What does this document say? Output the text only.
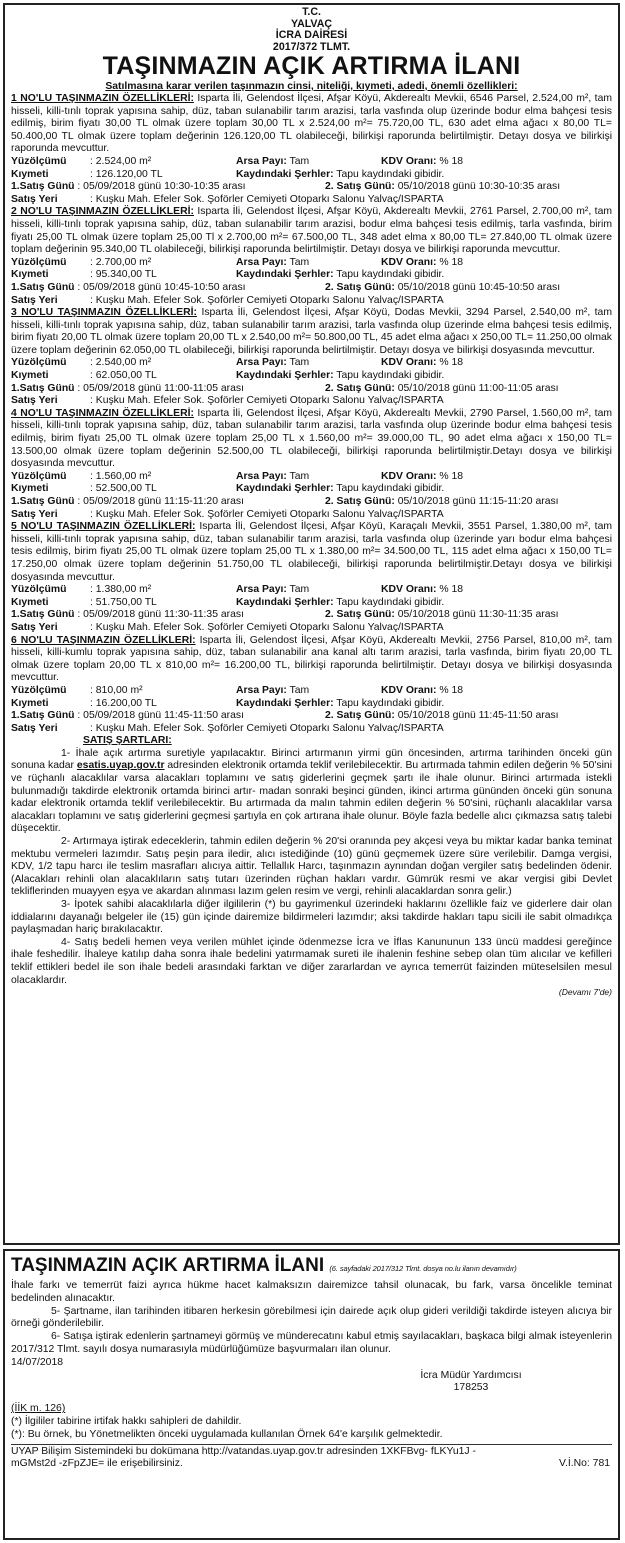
T.C.
YALVAÇ
İCRA DAİRESİ
2017/372 TLMT.
TAŞINMAZIN AÇIK ARTIRMA İLANI
Satılmasına karar verilen taşınmazın cinsi, niteliği, kıymeti, adedi, önemli özellikleri:
1 NO'LU TAŞINMAZIN ÖZELLİKLERİ: Isparta İli, Gelendost İlçesi, Afşar Köyü, Akderealtı Mevkii, 6546 Parsel, 2.524,00 m², tam hisseli, killi-tınlı toprak yapısına sahip, düz, taban sulanabilir tarım arazisi, tarla vasfında olup üzerinde bodur elma bahçesi tesis edilmiş, birim fiyatı 30,00 TL olmak üzere toplam 30,00 TL x 2.524,00 m²= 75.720,00 TL, 630 adet elma ağacı x 80,00 TL= 50.400,00 TL olmak üzere toplam değerinin 126.120,00 TL olabileceği, bilirkişi raporunda belirtilmiştir. Detayı dosya ve bilirkişi raporunda mevcuttur.
Yüzölçümü : 2.524,00 m²	Arsa Payı: Tam	KDV Oranı: % 18
Kıymeti	: 126.120,00 TL	Kaydındaki Şerhler: Tapu kaydındaki gibidir.
1.Satış Günü : 05/09/2018 günü 10:30-10:35 arası	2. Satış Günü: 05/10/2018 günü 10:30-10:35 arası
Satış Yeri	: Kuşku Mah. Efeler Sok. Şoförler Cemiyeti Otoparkı Salonu Yalvaç/ISPARTA
2 NO'LU TAŞINMAZIN ÖZELLİKLERİ: Isparta İli, Gelendost İlçesi, Afşar Köyü, Akderealtı Mevkii, 2761 Parsel, 2.700,00 m², tam hisseli, killi-tınlı toprak yapısına sahip, düz, taban sulanabilir tarım arazisi, bodur elma bahçesi tesis edilmiş, tarla vasfında, birim fiyatı 25,00 TL olmak üzere toplam 25,00 Tl x 2.700,00 m²= 67.500,00 TL, 348 adet elma x 80,00 TL= 27.840,00 TL olmak üzere toplam değerinin 95.340,00 TL olabileceği, bilirkişi raporunda belirtilmiştir. Detayı dosya ve bilirkişi raporunda mevcuttur.
Yüzölçümü : 2.700,00 m²	Arsa Payı: Tam	KDV Oranı: % 18
Kıymeti	: 95.340,00 TL	Kaydındaki Şerhler: Tapu kaydındaki gibidir.
1.Satış Günü : 05/09/2018 günü 10:45-10:50 arası	2. Satış Günü: 05/10/2018 günü 10:45-10:50 arası
Satış Yeri	: Kuşku Mah. Efeler Sok. Şoförler Cemiyeti Otoparkı Salonu Yalvaç/ISPARTA
3 NO'LU TAŞINMAZIN ÖZELLİKLERİ: Isparta İli, Gelendost İlçesi, Afşar Köyü, Dodas Mevkii, 3294 Parsel, 2.540,00 m², tam hisseli, killi-tınlı toprak yapısına sahip, düz, taban sulanabilir tarım arazisi, tarla vasfında olup üzerinde elma bahçesi tesis edilmiş, birim fiyatı 20,00 TL olmak üzere toplam 20,00 TL x 2.540,00 m²= 50.800,00 TL, 45 adet elma ağacı x 250,00 TL= 11.250,00 olmak üzere toplam değerinin 62.050,00 TL olabileceği, bilirkişi raporunda belirtilmiştir. Detayı dosya ve bilirkişi dosyasında mevcuttur.
Yüzölçümü : 2.540,00 m²	Arsa Payı: Tam	KDV Oranı: % 18
Kıymeti	: 62.050,00 TL	Kaydındaki Şerhler: Tapu kaydındaki gibidir.
1.Satış Günü : 05/09/2018 günü 11:00-11:05 arası	2. Satış Günü: 05/10/2018 günü 11:00-11:05 arası
Satış Yeri	: Kuşku Mah. Efeler Sok. Şoförler Cemiyeti Otoparkı Salonu Yalvaç/ISPARTA
4 NO'LU TAŞINMAZIN ÖZELLİKLERİ: Isparta İli, Gelendost İlçesi, Afşar Köyü, Akderealtı Mevkii, 2790 Parsel, 1.560,00 m², tam hisseli, killi-tınlı toprak yapısına sahip, düz, taban sulanabilir tarım arazisi, tarla vasfında olup üzerinde bodur elma bahçesi tesis edilmiş, birim fiyatı 25,00 TL olmak üzere toplam 25,00 TL x 1.560,00 m²= 39.000,00 TL, 90 adet elma ağacı x 150,00 TL= 13.500,00 olmak üzere toplam değerinin 52.500,00 TL olabileceği, bilirkişi raporunda belirtilmiştir.Detayı dosya ve bilirkişi dosyasında mevcuttur.
Yüzölçümü : 1.560,00 m²	Arsa Payı: Tam	KDV Oranı: % 18
Kıymeti	: 52.500,00 TL	Kaydındaki Şerhler: Tapu kaydındaki gibidir.
1.Satış Günü : 05/09/2018 günü 11:15-11:20 arası	2. Satış Günü: 05/10/2018 günü 11:15-11:20 arası
Satış Yeri	: Kuşku Mah. Efeler Sok. Şoförler Cemiyeti Otoparkı Salonu Yalvaç/ISPARTA
5 NO'LU TAŞINMAZIN ÖZELLİKLERİ: Isparta İli, Gelendost İlçesi, Afşar Köyü, Karaçalı Mevkii, 3551 Parsel, 1.380,00 m², tam hisseli, killi-tınlı toprak yapısına sahip, düz, taban sulanabilir tarım arazisi, tarla vasfında olup üzerinde yarı bodur elma bahçesi tesis edilmiş, birim fiyatı 25,00 TL olmak üzere toplam 25,00 TL x 1.380,00 m²= 34.500,00 TL, 115 adet elma ağacı x 150,00 TL= 17.250,00 olmak üzere toplam değerinin 51.750,00 TL olabileceği, bilirkişi raporunda belirtilmiştir.Detayı dosya ve bilirkişi dosyasında mevcuttur.
Yüzölçümü : 1.380,00 m²	Arsa Payı: Tam	KDV Oranı: % 18
Kıymeti	: 51.750,00 TL	Kaydındaki Şerhler: Tapu kaydındaki gibidir.
1.Satış Günü : 05/09/2018 günü 11:30-11:35 arası	2. Satış Günü: 05/10/2018 günü 11:30-11:35 arası
Satış Yeri	: Kuşku Mah. Efeler Sok. Şoförler Cemiyeti Otoparkı Salonu Yalvaç/ISPARTA
6 NO'LU TAŞINMAZIN ÖZELLİKLERİ: Isparta İli, Gelendost İlçesi, Afşar Köyü, Akderealtı Mevkii, 2756 Parsel, 810,00 m², tam hisseli, killi-kumlu toprak yapısına sahip, düz, taban sulanabilir ana kanal altı tarım arazisi, tarla vasfında, birim fiyatı 20,00 TL olmak üzere toplam 20,00 TL x 810,00 m²= 16.200,00 TL, bilirkişi raporunda belirtilmiştir. Detayı dosya ve bilirkişi dosyasında mevcuttur.
Yüzölçümü : 810,00 m²	Arsa Payı: Tam	KDV Oranı: % 18
Kıymeti	: 16.200,00 TL	Kaydındaki Şerhler: Tapu kaydındaki gibidir.
1.Satış Günü : 05/09/2018 günü 11:45-11:50 arası	2. Satış Günü: 05/10/2018 günü 11:45-11:50 arası
Satış Yeri	: Kuşku Mah. Efeler Sok. Şoförler Cemiyeti Otoparkı Salonu Yalvaç/ISPARTA
SATIŞ ŞARTLARI:
1- İhale açık artırma suretiyle yapılacaktır. Birinci artırmanın yirmi gün öncesinden, artırma tarihinden önceki gün sonuna kadar esatis.uyap.gov.tr adresinden elektronik ortamda teklif verilebilecektir. Bu artırmada tahmin edilen değerin % 50'sini ve rüçhanlı alacaklılar varsa alacakları toplamını ve satış giderlerini geçmek şartı ile ihale olunur. Birinci artırmada istekli bulunmadığı takdirde elektronik ortamda birinci artır- madan sonraki beşinci günden, ikinci artırma gününden önceki gün sonuna kadar elektronik ortamda teklif verilebilecektir. Bu artırmada da malın tahmin edilen değerin % 50'sini, rüçhanlı alacaklılar varsa alacakları toplamını ve satış giderlerini geçmesi şartıyla en çok artırana ihale olunur. Böyle fazla bedelle alıcı çıkmazsa satış talebi düşecektir.
2- Artırmaya iştirak edeceklerin, tahmin edilen değerin % 20'si oranında pey akçesi veya bu miktar kadar banka teminat mektubu vermeleri lazımdır. Satış peşin para iledir, alıcı istediğinde (10) günü geçmemek üzere süre verilebilir. Damga vergisi, KDV, 1/2 tapu harcı ile teslim masrafları alıcıya aittir. Tellallık Harcı, taşınmazın aynından doğan vergiler satış bedelinden ödenir. (Alacakları rehinli olan alacaklıların satış tutarı üzerinden rüçhan hakları vardır. Gümrük resmi ve akar vergisi gibi Devlet tekliflerinden muayyen eşya ve akardan alınması lazım gelen resim ve vergi, rehinli alacaklardan sonra gelir.)
3- İpotek sahibi alacaklılarla diğer ilgililerin (*) bu gayrimenkul üzerindeki haklarını özellikle faiz ve giderlere dair olan iddialarını dayanağı belgeler ile (15) gün içinde dairemize bildirmeleri lazımdır; aksi takdirde hakları tapu sicili ile sabit olmadıkça paylaşmadan hariç bırakılacaktır.
4- Satış bedeli hemen veya verilen mühlet içinde ödenmezse İcra ve İflas Kanununun 133 üncü maddesi gereğince ihale feshedilir. İhaleye katılıp daha sonra ihale bedelini yatırmamak sureti ile ihalenin feshine sebep olan tüm alıcılar ve kefilleri teklif ettikleri bedel ile son ihale bedeli arasındaki farktan ve diğer zararlardan ve ayrıca temerrüt faizinden müteselsilen mesul olacaklardır.
(Devamı 7'de)
TAŞINMAZIN AÇIK ARTIRMA İLANI (6. sayfadaki 2017/312 Tlmt. dosya no.lu ilanın devamıdır)
İhale farkı ve temerrüt faizi ayrıca hükme hacet kalmaksızın dairemizce tahsil olunacak, bu fark, varsa öncelikle teminat bedelinden alınacaktır.
5- Şartname, ilan tarihinden itibaren herkesin görebilmesi için dairede açık olup gideri verildiği takdirde isteyen alıcıya bir örneği gönderilebilir.
6- Satışa iştirak edenlerin şartnameyi görmüş ve münderecatını kabul etmiş sayılacakları, başkaca bilgi almak isteyenlerin 2017/312 Tlmt. sayılı dosya numarasıyla müdürlüğümüze başvurmaları ilan olunur.
14/07/2018
İcra Müdür Yardımcısı
178253
(İİK m. 126)
(*) İlgililer tabirine irtifak hakkı sahipleri de dahildir.
(*): Bu örnek, bu Yönetmelikten önceki uygulamada kullanılan Örnek 64'e karşılık gelmektedir.
UYAP Bilişim Sistemindeki bu dokümana http://vatandas.uyap.gov.tr adresinden 1XKFBvg- fLKYu1J -
mGMst2d -zFpZJE= ile erişebilirsiniz.	V.İ.No: 781
